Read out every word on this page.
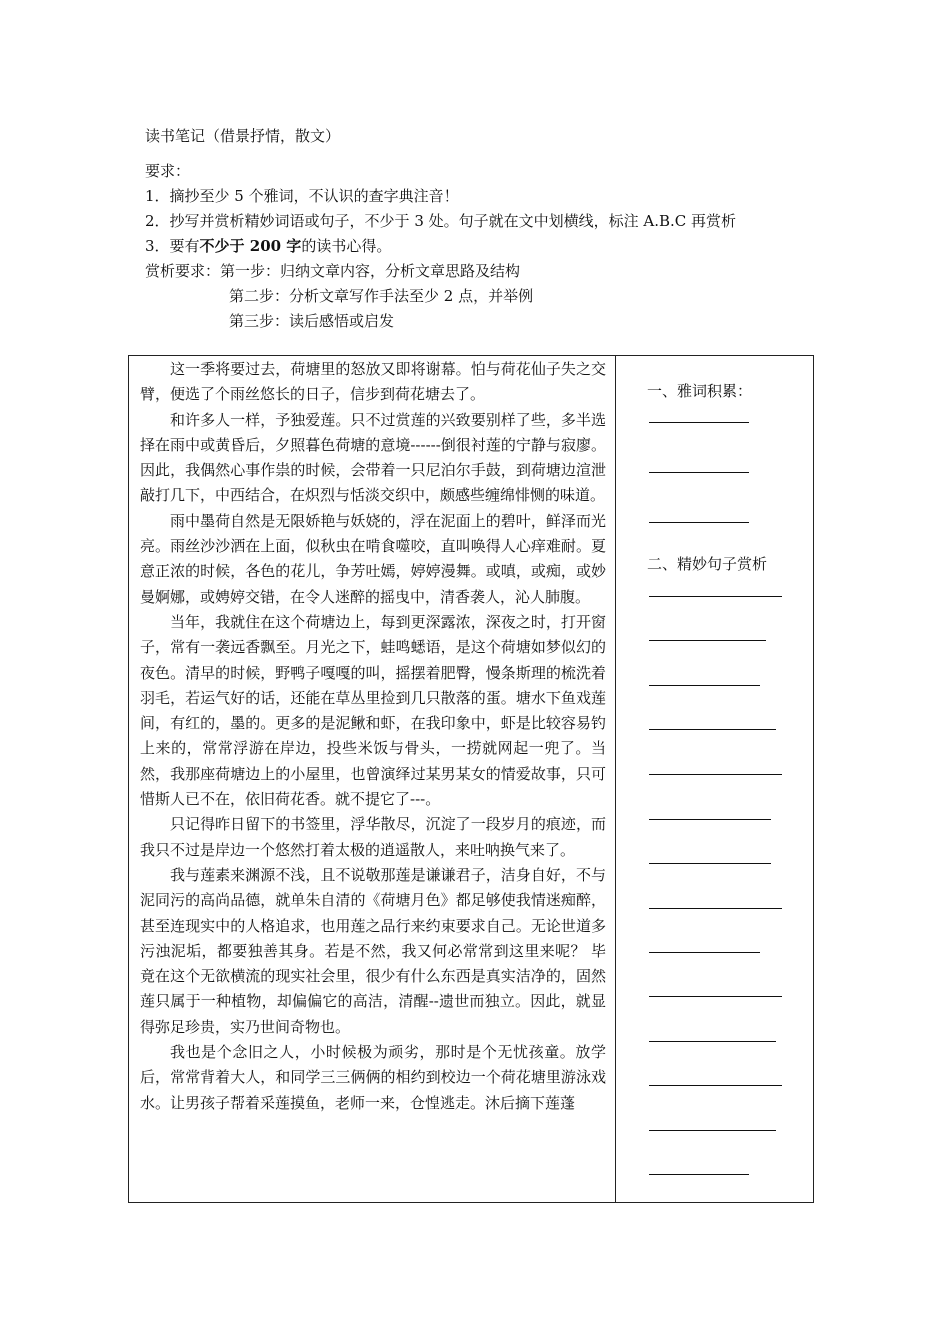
读书笔记（借景抒情，散文）
要求：
1．摘抄至少 5 个雅词，不认识的查字典注音！
2．抄写并赏析精妙词语或句子，不少于 3 处。句子就在文中划横线，标注 A.B.C 再赏析
3．要有不少于 200 字的读书心得。
赏析要求：第一步：归纳文章内容，分析文章思路及结构
第二步：分析文章写作手法至少 2 点，并举例
第三步：读后感悟或启发

这一季将要过去，荷塘里的怒放又即将谢幕。怕与荷花仙子失之交臂，便选了个雨丝悠长的日子，信步到荷花塘去了。

和许多人一样，予独爱莲。只不过赏莲的兴致要别样了些，多半选择在雨中或黄昏后，夕照暮色荷塘的意境------倒很衬莲的宁静与寂廖。因此，我偶然心事作祟的时候，会带着一只尼泊尔手鼓，到荷塘边渲泄敲打几下，中西结合，在炽烈与恬淡交织中，颇感些缠绵悱恻的味道。

雨中墨荷自然是无限娇艳与妖娆的，浮在泥面上的碧叶，鲜泽而光亮。雨丝沙沙洒在上面，似秋虫在啃食噬咬，直叫唤得人心痒难耐。夏意正浓的时候，各色的花儿，争芳吐嫣，婷婷漫舞。或嗔，或痴，或妙曼婀娜，或娉婷交错，在令人迷醉的摇曳中，清香袭人，沁人肺腹。

当年，我就住在这个荷塘边上，每到更深露浓，深夜之时，打开窗子，常有一袭远香飘至。月光之下，蛙鸣蟋语，是这个荷塘如梦似幻的夜色。清早的时候，野鸭子嘎嘎的叫，摇摆着肥臀，慢条斯理的梳洗着羽毛，若运气好的话，还能在草丛里捡到几只散落的蛋。塘水下鱼戏莲间，有红的，墨的。更多的是泥鳅和虾，在我印象中，虾是比较容易钓上来的，常常浮游在岸边，投些米饭与骨头，一捞就网起一兜了。当然，我那座荷塘边上的小屋里，也曾演绎过某男某女的情爱故事，只可惜斯人已不在，依旧荷花香。就不提它了---。

只记得昨日留下的书签里，浮华散尽，沉淀了一段岁月的痕迹，而我只不过是岸边一个悠然打着太极的逍遥散人，来吐呐换气来了。

我与莲素来渊源不浅，且不说敬那莲是谦谦君子，洁身自好，不与泥同污的高尚品德，就单朱自清的《荷塘月色》都足够使我情迷痴醉，甚至连现实中的人格追求，也用莲之品行来约束要求自己。无论世道多污浊泥垢，都要独善其身。若是不然，我又何必常常到这里来呢？ 毕竟在这个无欲横流的现实社会里，很少有什么东西是真实洁净的，固然莲只属于一种植物，却偏偏它的高洁，清醒--遗世而独立。因此，就显得弥足珍贵，实乃世间奇物也。

我也是个念旧之人，小时候极为顽劣，那时是个无忧孩童。放学后，常常背着大人，和同学三三俩俩的相约到校边一个荷花塘里游泳戏水。让男孩子帮着采莲摸鱼，老师一来，仓惶逃走。沐后摘下莲蓬

一、雅词积累：
二、精妙句子赏析
